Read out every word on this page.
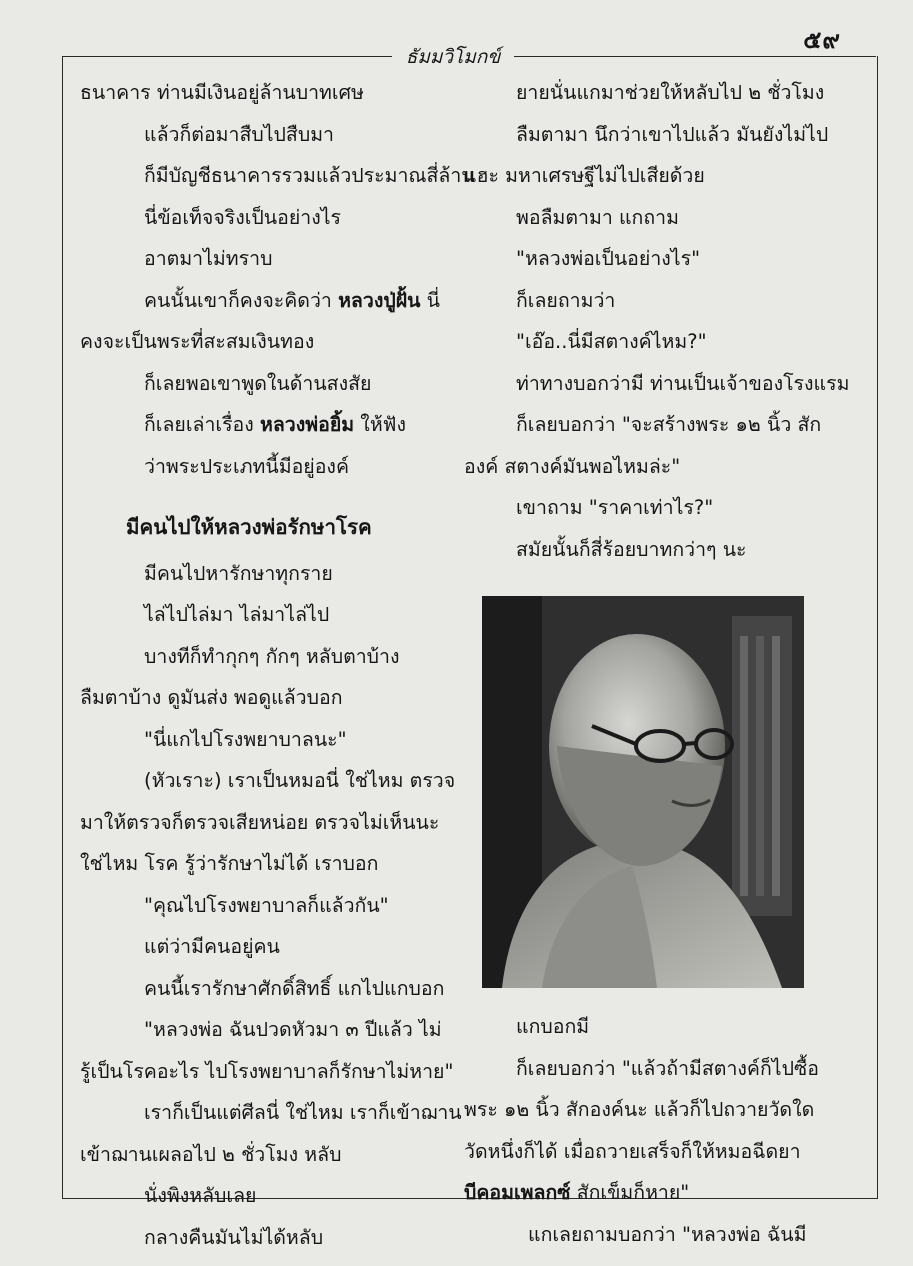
๕๙
ธัมมวิโมกข์
ธนาคาร ท่านมีเงินอยู่ล้านบาทเศษ
แล้วก็ต่อมาสืบไปสืบมา
ก็มีบัญชีธนาคารรวมแล้วประมาณสี่ล้าน
นี่ข้อเท็จจริงเป็นอย่างไร
อาตมาไม่ทราบ
คนนั้นเขาก็คงจะคิดว่า หลวงปู่ฝั้น นี่
คงจะเป็นพระที่สะสมเงินทอง
ก็เลยพอเขาพูดในด้านสงสัย
ก็เลยเล่าเรื่อง หลวงพ่อยิ้ม ให้ฟัง
ว่าพระประเภทนี้มีอยู่องค์
มีคนไปให้หลวงพ่อรักษาโรค
มีคนไปหารักษาทุกราย
ไล่ไปไล่มา ไล่มาไล่ไป
บางทีก็ทำกุกๆ กักๆ หลับตาบ้าง
ลืมตาบ้าง ดูมันส่ง พอดูแล้วบอก
"นี่แกไปโรงพยาบาลนะ"
(หัวเราะ) เราเป็นหมอนี่ ใช่ไหม ตรวจ
มาให้ตรวจก็ตรวจเสียหน่อย ตรวจไม่เห็นนะ
ใช่ไหม โรค รู้ว่ารักษาไม่ได้ เราบอก
"คุณไปโรงพยาบาลก็แล้วกัน"
แต่ว่ามีคนอยู่คน
คนนี้เรารักษาศักดิ์สิทธิ์ แกไปแกบอก
"หลวงพ่อ ฉันปวดหัวมา ๓ ปีแล้ว ไม่
รู้เป็นโรคอะไร ไปโรงพยาบาลก็รักษาไม่หาย"
เราก็เป็นแต่ศีลนี่ ใช่ไหม เราก็เข้าฌาน
เข้าฌานเผลอไป ๒ ชั่วโมง หลับ
นั่งพิงหลับเลย
กลางคืนมันไม่ได้หลับ
ยายนั่นแกมาช่วยให้หลับไป ๒ ชั่วโมง
ลืมตามา นึกว่าเขาไปแล้ว มันยังไม่ไป
แฮะ มหาเศรษฐีไม่ไปเสียด้วย
พอลืมตามา แกถาม
"หลวงพ่อเป็นอย่างไร"
ก็เลยถามว่า
"เอ๊อ..นี่มีสตางค์ไหม?"
ท่าทางบอกว่ามี ท่านเป็นเจ้าของโรงแรม
ก็เลยบอกว่า "จะสร้างพระ ๑๒ นิ้ว สัก
องค์ สตางค์มันพอไหมล่ะ"
เขาถาม "ราคาเท่าไร?"
สมัยนั้นก็สี่ร้อยบาทกว่าๆ นะ
แกบอกมี
ก็เลยบอกว่า "แล้วถ้ามีสตางค์ก็ไปซื้อ
พระ ๑๒ นิ้ว สักองค์นะ แล้วก็ไปถวายวัดใด
วัดหนึ่งก็ได้ เมื่อถวายเสร็จก็ให้หมอฉีดยา
บีคอมเพลกซ์ สักเข็มก็หาย"
แกเลยถามบอกว่า "หลวงพ่อ ฉันมี
